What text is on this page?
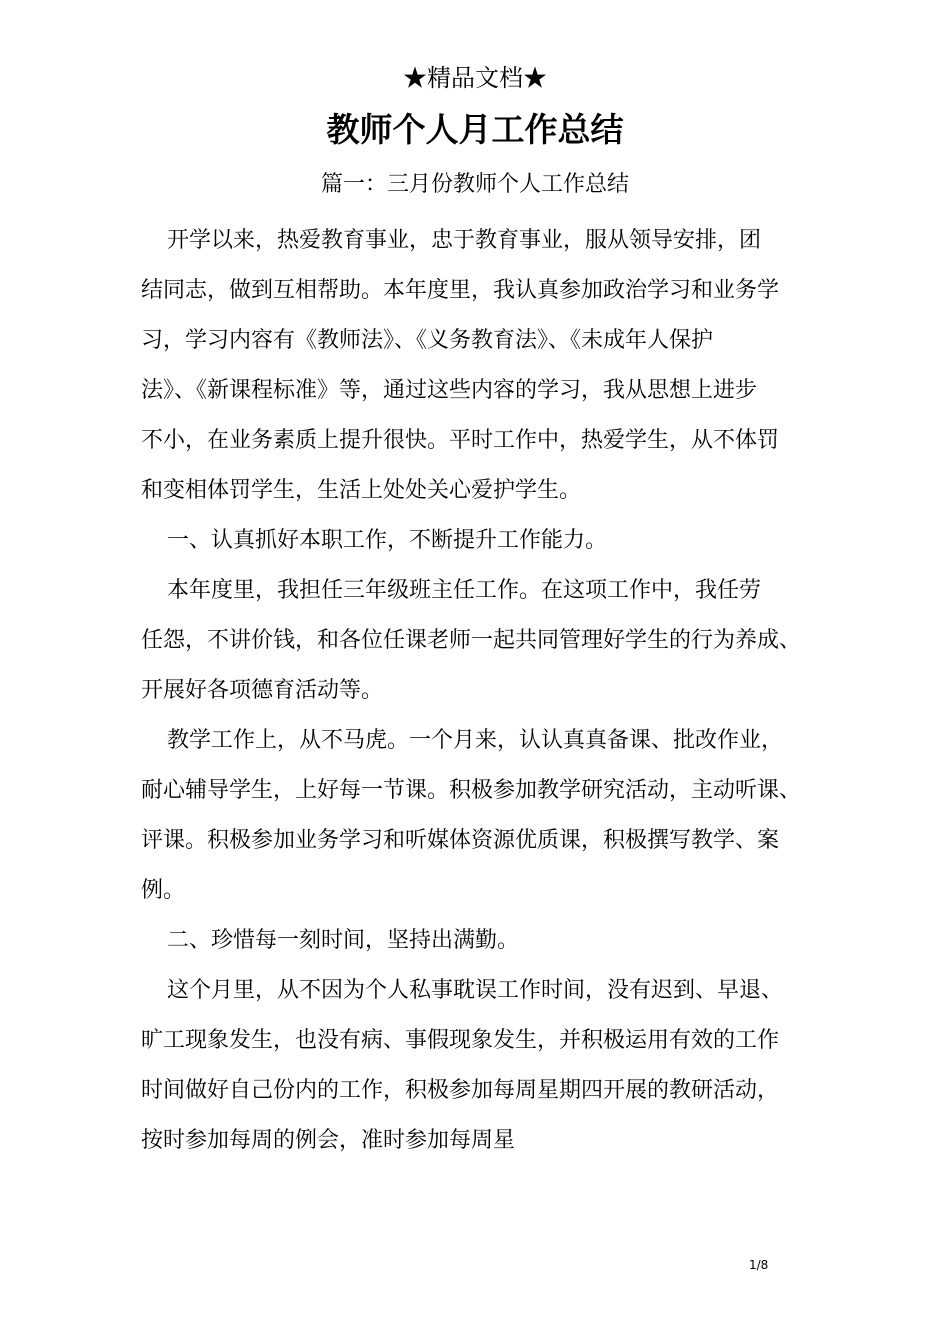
★精品文档★
教师个人月工作总结
篇一：三月份教师个人工作总结
开学以来，热爱教育事业，忠于教育事业，服从领导安排，团
结同志，做到互相帮助。本年度里，我认真参加政治学习和业务学
习，学习内容有《教师法》、《义务教育法》、《未成年人保护
法》、《新课程标准》等，通过这些内容的学习，我从思想上进步
不小，在业务素质上提升很快。平时工作中，热爱学生，从不体罚
和变相体罚学生，生活上处处关心爱护学生。
一、认真抓好本职工作，不断提升工作能力。
本年度里，我担任三年级班主任工作。在这项工作中，我任劳
任怨，不讲价钱，和各位任课老师一起共同管理好学生的行为养成、
开展好各项德育活动等。
教学工作上，从不马虎。一个月来，认认真真备课、批改作业，
耐心辅导学生，上好每一节课。积极参加教学研究活动，主动听课、
评课。积极参加业务学习和听媒体资源优质课，积极撰写教学、案
例。
二、珍惜每一刻时间，坚持出满勤。
这个月里，从不因为个人私事耽误工作时间，没有迟到、早退、
旷工现象发生，也没有病、事假现象发生，并积极运用有效的工作
时间做好自己份内的工作，积极参加每周星期四开展的教研活动，
按时参加每周的例会，准时参加每周星
1/8
